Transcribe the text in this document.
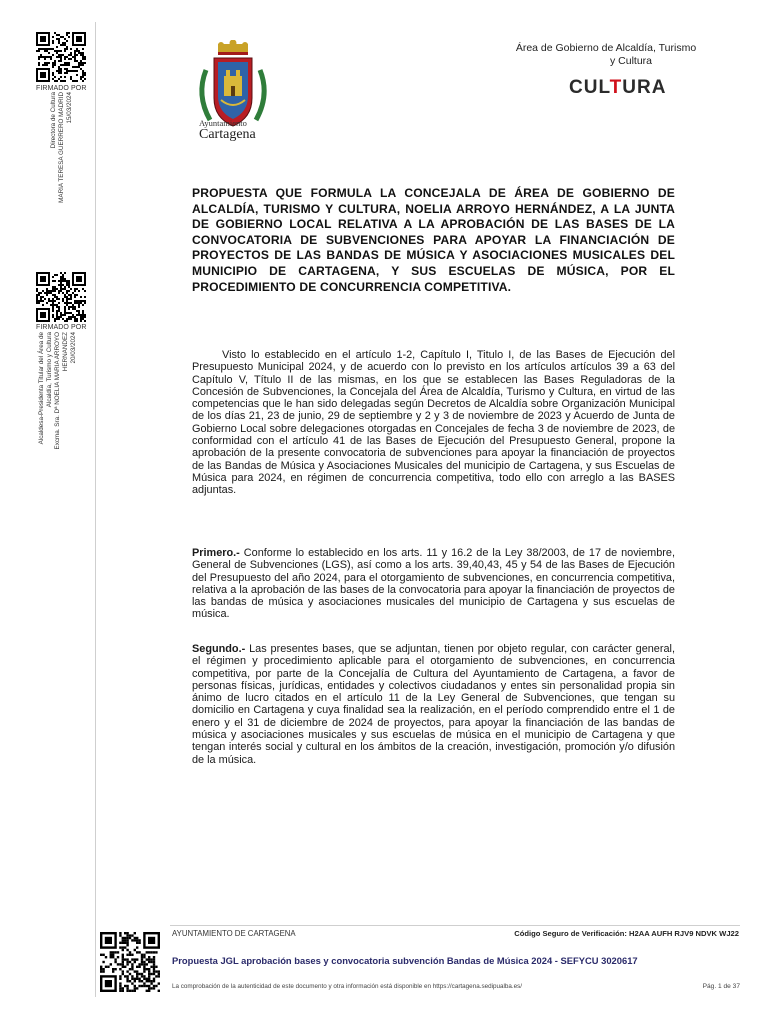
FIRMADO POR
Directora de Cultura MARIA TERESA GUERRERO MADRID 15/03/2024
FIRMADO POR
Alcaldesa-Presidenta Titular del Área de Alcaldía, Turismo y Cultura Excma. Sra. Dª NOELIA MARIA ARROYO HERNANDEZ 20/03/2024
Ayuntamiento
Cartagena
Área de Gobierno de Alcaldía, Turismo
y Cultura
CULTURA
PROPUESTA QUE FORMULA LA CONCEJALA DE ÁREA DE GOBIERNO DE ALCALDÍA, TURISMO Y CULTURA, NOELIA ARROYO HERNÁNDEZ, A LA JUNTA DE GOBIERNO LOCAL RELATIVA A LA APROBACIÓN DE LAS BASES DE LA CONVOCATORIA DE SUBVENCIONES PARA APOYAR LA FINANCIACIÓN DE PROYECTOS DE LAS BANDAS DE MÚSICA Y ASOCIACIONES MUSICALES DEL MUNICIPIO DE CARTAGENA, Y SUS ESCUELAS DE MÚSICA, POR EL PROCEDIMIENTO DE CONCURRENCIA COMPETITIVA.
Visto lo establecido en el artículo 1-2, Capítulo I, Titulo I, de las Bases de Ejecución del Presupuesto Municipal 2024, y de acuerdo con lo previsto en los artículos artículos 39 a 63 del Capítulo V, Título II de las mismas, en los que se establecen las Bases Reguladoras de la Concesión de Subvenciones, la Concejala del Área de Alcaldía, Turismo y Cultura, en virtud de las competencias que le han sido delegadas según Decretos de Alcaldía sobre Organización Municipal de los días 21, 23 de junio, 29 de septiembre y 2 y 3 de noviembre de 2023 y Acuerdo de Junta de Gobierno Local sobre delegaciones otorgadas en Concejales de fecha 3 de noviembre de 2023, de conformidad con el artículo 41 de las Bases de Ejecución del Presupuesto General, propone la aprobación de la presente convocatoria de subvenciones para apoyar la financiación de proyectos de las Bandas de Música y Asociaciones Musicales del municipio de Cartagena, y sus Escuelas de Música para 2024, en régimen de concurrencia competitiva, todo ello con arreglo a las BASES adjuntas.
Primero.- Conforme lo establecido en los arts. 11 y 16.2 de la Ley 38/2003, de 17 de noviembre, General de Subvenciones (LGS), así como a los arts. 39,40,43, 45 y 54 de las Bases de Ejecución del Presupuesto del año 2024, para el otorgamiento de subvenciones, en concurrencia competitiva, relativa a la aprobación de las bases de la convocatoria para apoyar la financiación de proyectos de las bandas de música y asociaciones musicales del municipio de Cartagena y sus escuelas de música.
Segundo.- Las presentes bases, que se adjuntan, tienen por objeto regular, con carácter general, el régimen y procedimiento aplicable para el otorgamiento de subvenciones, en concurrencia competitiva, por parte de la Concejalía de Cultura del Ayuntamiento de Cartagena, a favor de personas físicas, jurídicas, entidades y colectivos ciudadanos y entes sin personalidad propia sin ánimo de lucro citados en el artículo 11 de la Ley General de Subvenciones, que tengan su domicilio en Cartagena y cuya finalidad sea la realización, en el período comprendido entre el 1 de enero y el 31 de diciembre de 2024 de proyectos, para apoyar la financiación de las bandas de música y asociaciones musicales y sus escuelas de música en el municipio de Cartagena y que tengan interés social y cultural en los ámbitos de la creación, investigación, promoción y/o difusión de la música.
AYUNTAMIENTO DE CARTAGENA	Código Seguro de Verificación: H2AA AUFH RJV9 NDVK WJ22
Propuesta JGL aprobación bases y convocatoria subvención Bandas de Música 2024 - SEFYCU 3020617
La comprobación de la autenticidad de este documento y otra información está disponible en https://cartagena.sedipualba.es/	Pág. 1 de 37
